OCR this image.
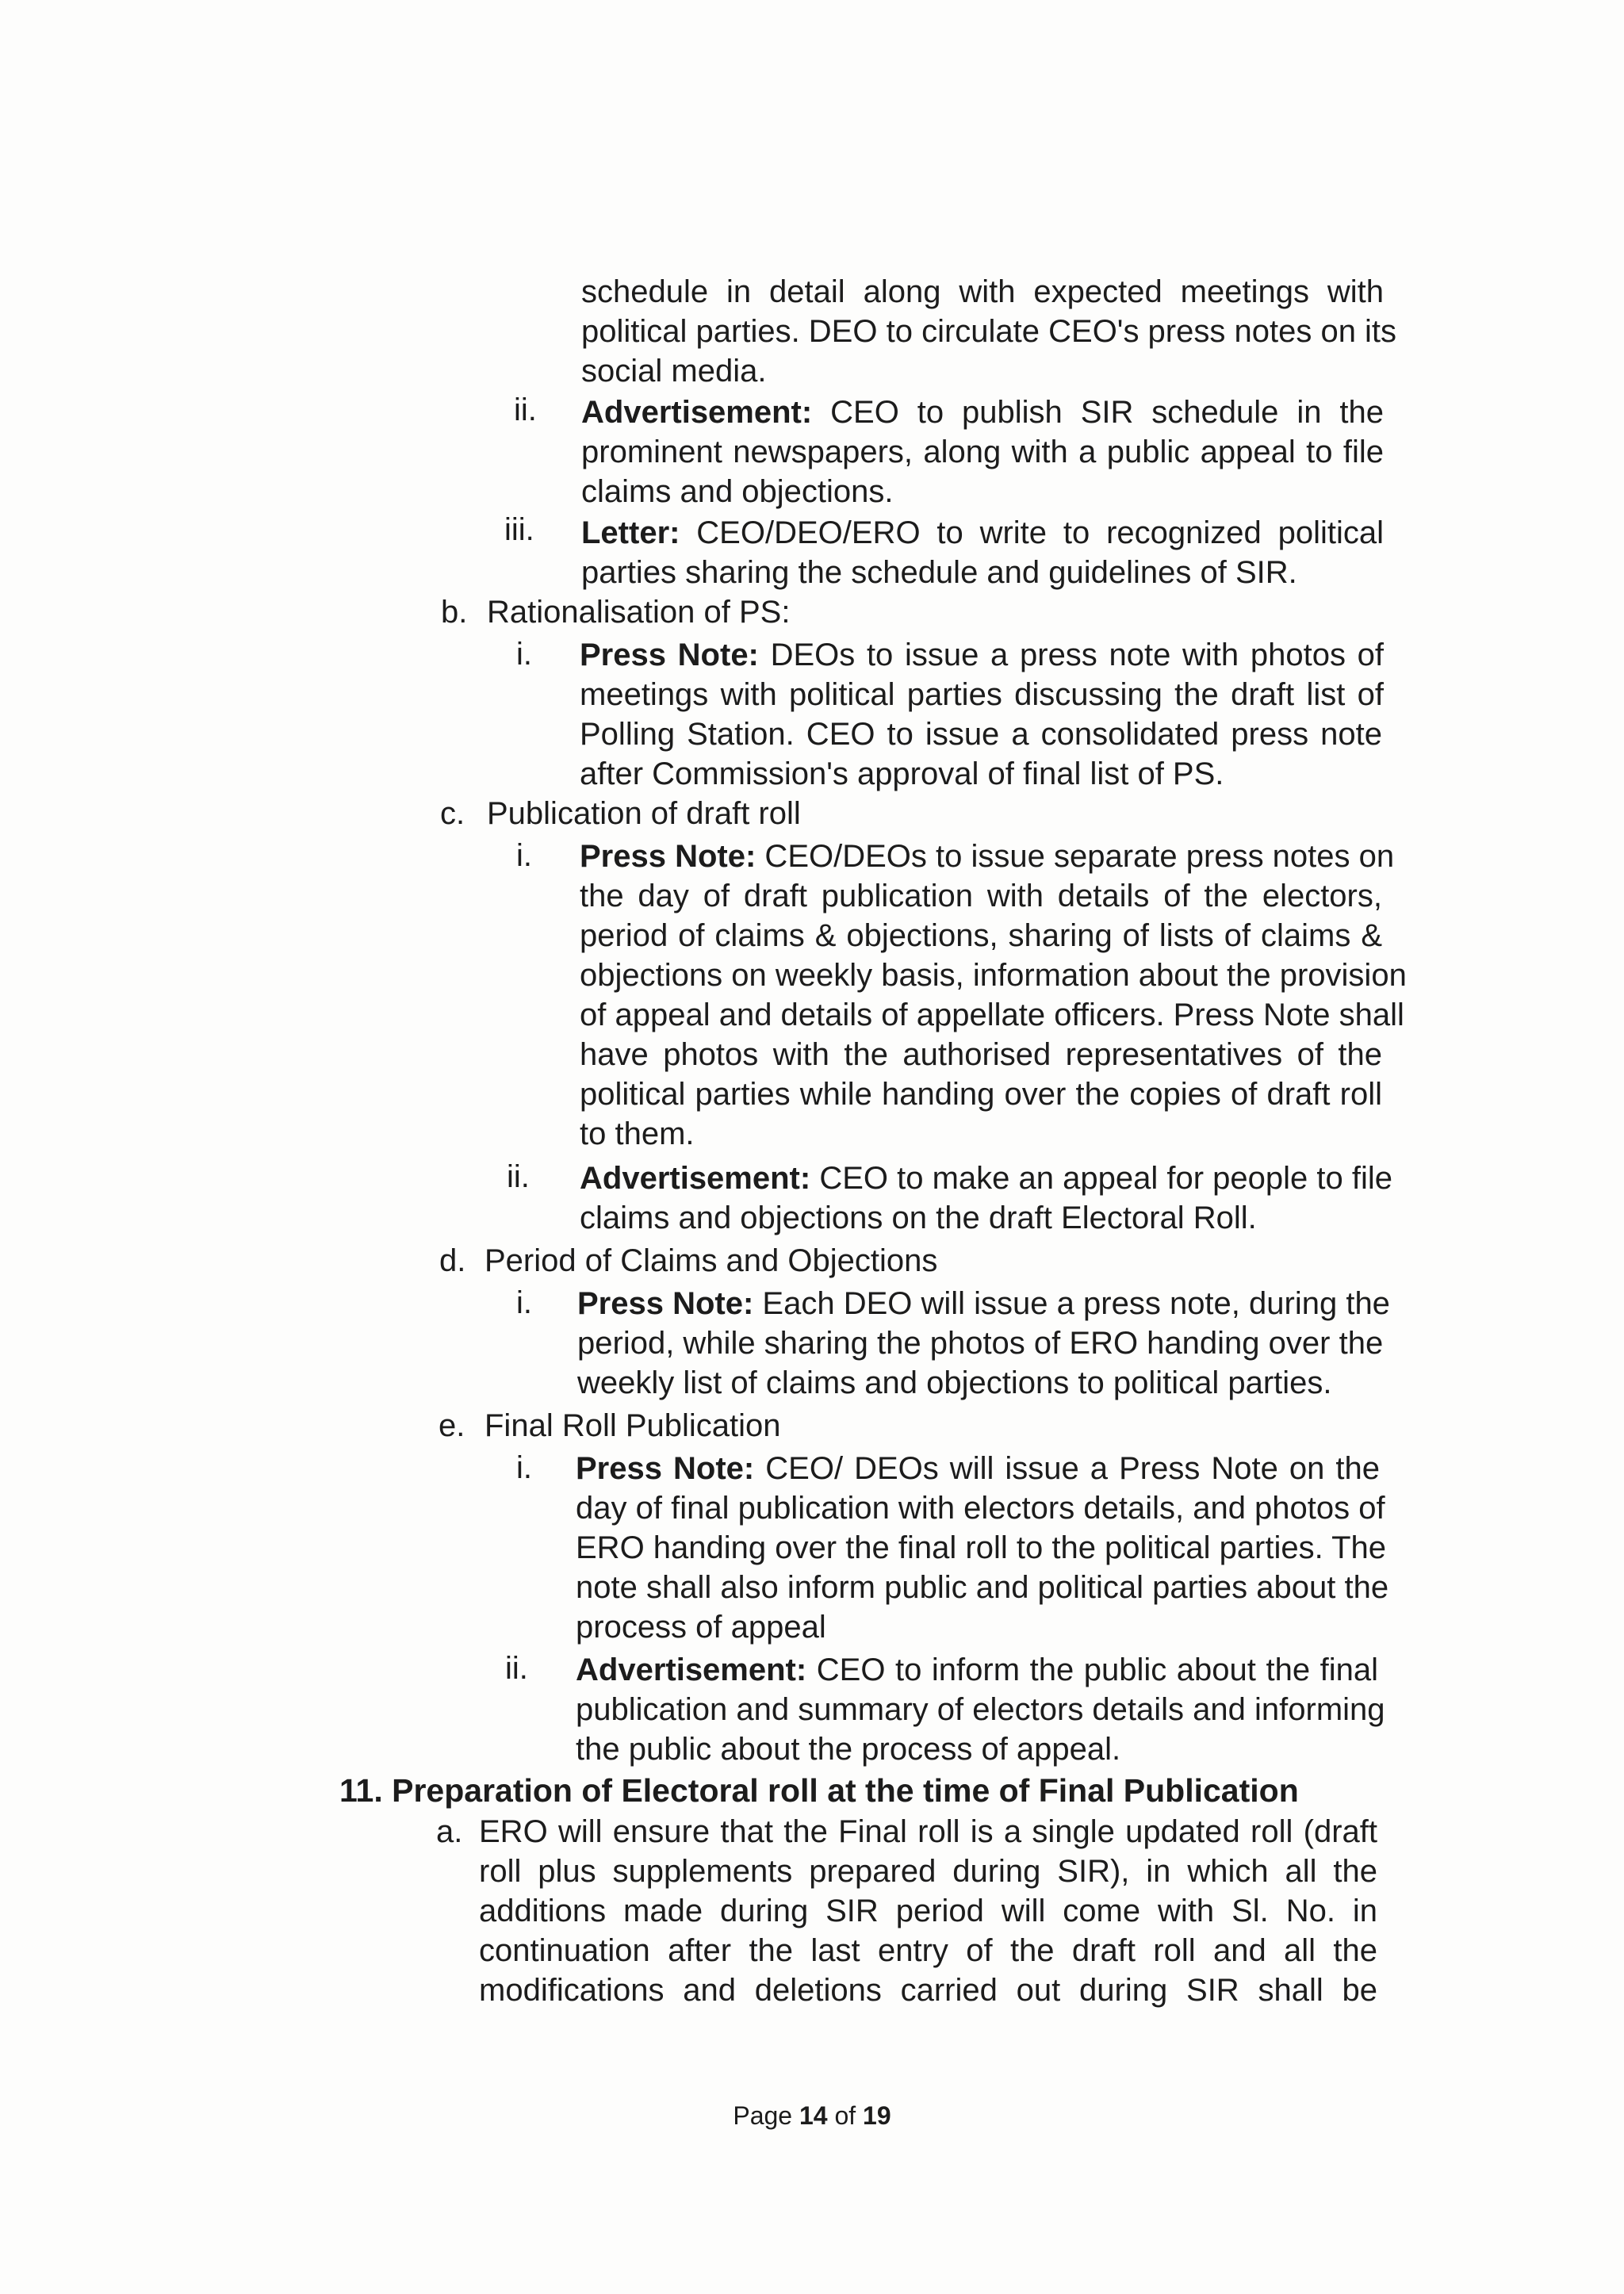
schedule in detail along with expected meetings with
political parties. DEO to circulate CEO's press notes on its
social media.
ii. Advertisement: CEO to publish SIR schedule in the
prominent newspapers, along with a public appeal to file
claims and objections.
iii. Letter: CEO/DEO/ERO to write to recognized political
parties sharing the schedule and guidelines of SIR.
b. Rationalisation of PS:
i. Press Note: DEOs to issue a press note with photos of
meetings with political parties discussing the draft list of
Polling Station. CEO to issue a consolidated press note
after Commission's approval of final list of PS.
c. Publication of draft roll
i. Press Note: CEO/DEOs to issue separate press notes on
the day of draft publication with details of the electors,
period of claims & objections, sharing of lists of claims &
objections on weekly basis, information about the provision
of appeal and details of appellate officers. Press Note shall
have photos with the authorised representatives of the
political parties while handing over the copies of draft roll
to them.
ii. Advertisement: CEO to make an appeal for people to file
claims and objections on the draft Electoral Roll.
d. Period of Claims and Objections
i. Press Note: Each DEO will issue a press note, during the
period, while sharing the photos of ERO handing over the
weekly list of claims and objections to political parties.
e. Final Roll Publication
i. Press Note: CEO/ DEOs will issue a Press Note on the
day of final publication with electors details, and photos of
ERO handing over the final roll to the political parties. The
note shall also inform public and political parties about the
process of appeal
ii. Advertisement: CEO to inform the public about the final
publication and summary of electors details and informing
the public about the process of appeal.
11. Preparation of Electoral roll at the time of Final Publication
a. ERO will ensure that the Final roll is a single updated roll (draft
roll plus supplements prepared during SIR), in which all the
additions made during SIR period will come with Sl. No. in
continuation after the last entry of the draft roll and all the
modifications and deletions carried out during SIR shall be
Page 14 of 19
